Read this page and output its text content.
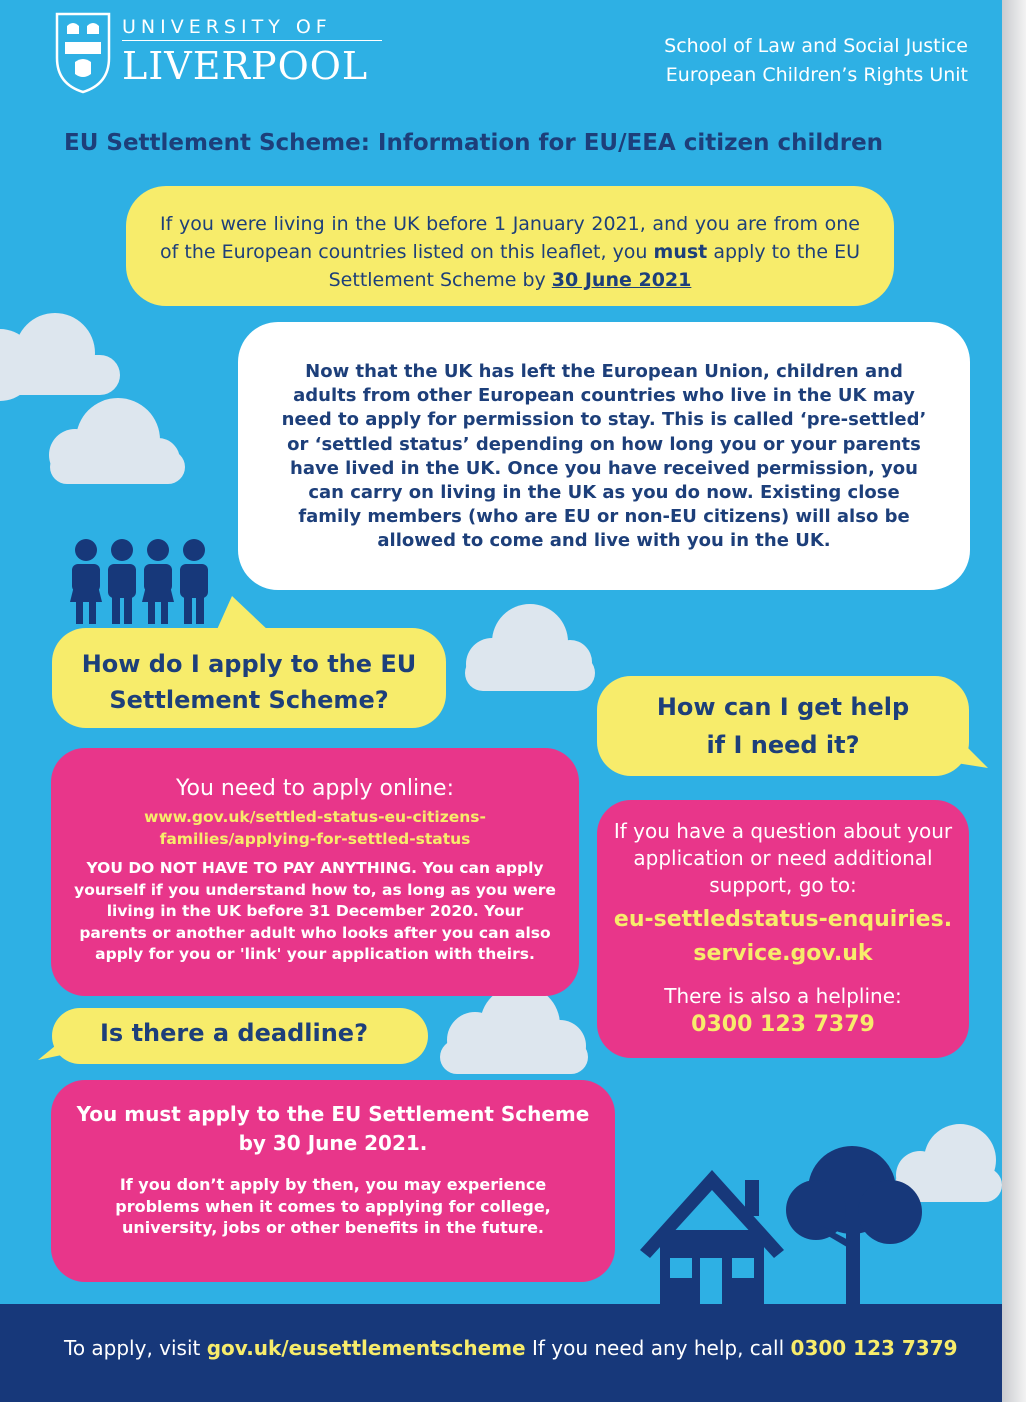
UNIVERSITY OF
LIVERPOOL	School of Law and Social Justice
European Children’s Rights Unit
EU Settlement Scheme: Information for EU/EEA citizen children
If you were living in the UK before 1 January 2021, and you are from one of the European countries listed on this leaflet, you must apply to the EU Settlement Scheme by 30 June 2021
Now that the UK has left the European Union, children and adults from other European countries who live in the UK may need to apply for permission to stay. This is called ‘pre-settled’ or ‘settled status’ depending on how long you or your parents have lived in the UK. Once you have received permission, you can carry on living in the UK as you do now. Existing close family members (who are EU or non-EU citizens) will also be allowed to come and live with you in the UK.
How do I apply to the EU
Settlement Scheme?	How can I get help
if I need it?
You need to apply online:
www.gov.uk/settled-status-eu-citizens-
families/applying-for-settled-status
YOU DO NOT HAVE TO PAY ANYTHING. You can apply yourself if you understand how to, as long as you were living in the UK before 31 December 2020. Your parents or another adult who looks after you can also apply for you or 'link' your application with theirs.
If you have a question about your application or need additional support, go to:
eu-settledstatus-enquiries.
service.gov.uk
There is also a helpline:
0300 123 7379
Is there a deadline?
You must apply to the EU Settlement Scheme by 30 June 2021.
If you don’t apply by then, you may experience problems when it comes to applying for college, university, jobs or other benefits in the future.
To apply, visit gov.uk/eusettlementscheme If you need any help, call 0300 123 7379
